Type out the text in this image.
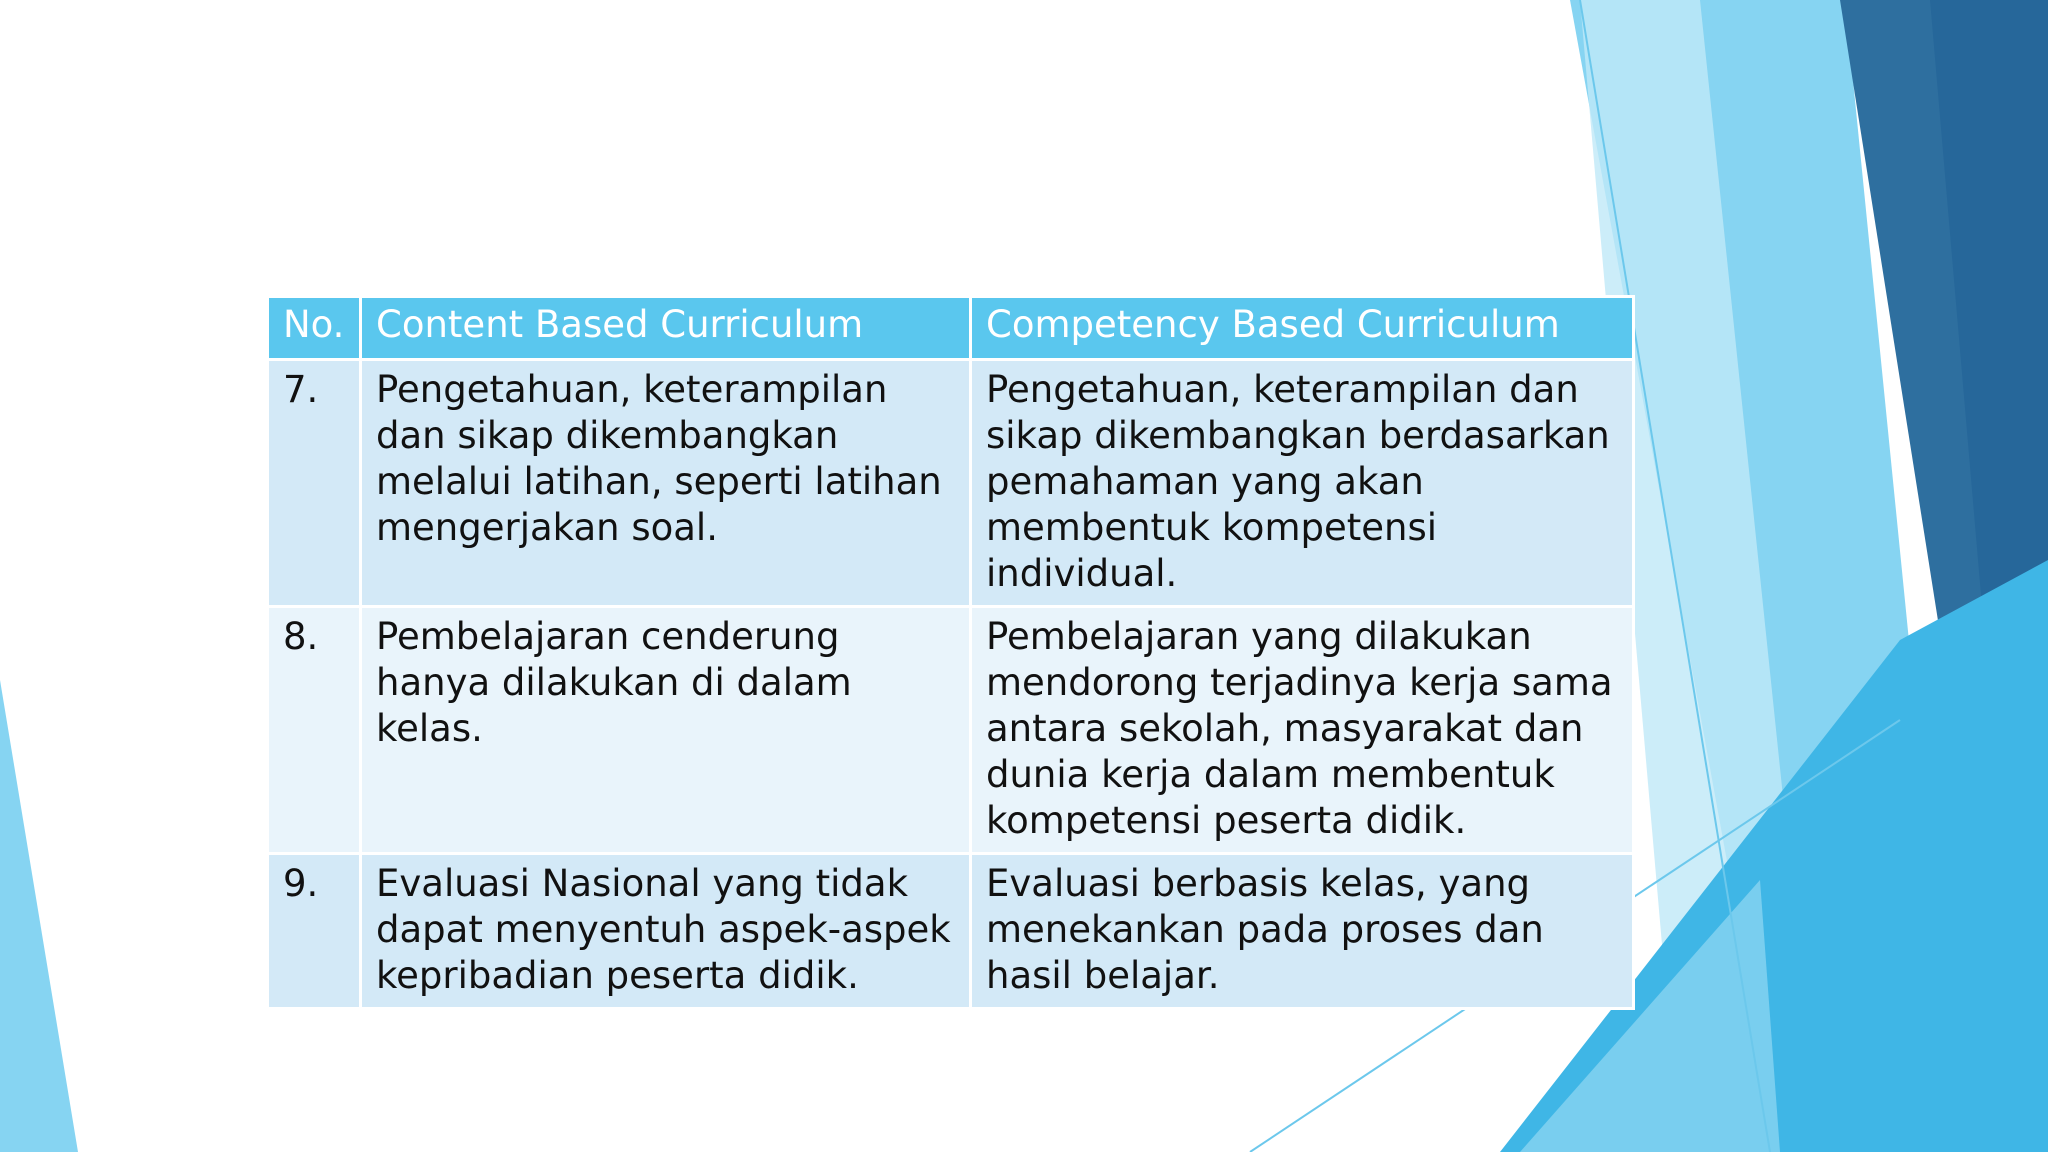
No.	Content Based Curriculum	Competency Based Curriculum
7.	Pengetahuan, keterampilan dan sikap dikembangkan melalui latihan, seperti latihan mengerjakan soal.	Pengetahuan, keterampilan dan sikap dikembangkan berdasarkan pemahaman yang akan membentuk kompetensi individual.
8.	Pembelajaran cenderung hanya dilakukan di dalam kelas.	Pembelajaran yang dilakukan mendorong terjadinya kerja sama antara sekolah, masyarakat dan dunia kerja dalam membentuk kompetensi peserta didik.
9.	Evaluasi Nasional yang tidak dapat menyentuh aspek-aspek kepribadian peserta didik.	Evaluasi berbasis kelas, yang menekankan pada proses dan hasil belajar.
